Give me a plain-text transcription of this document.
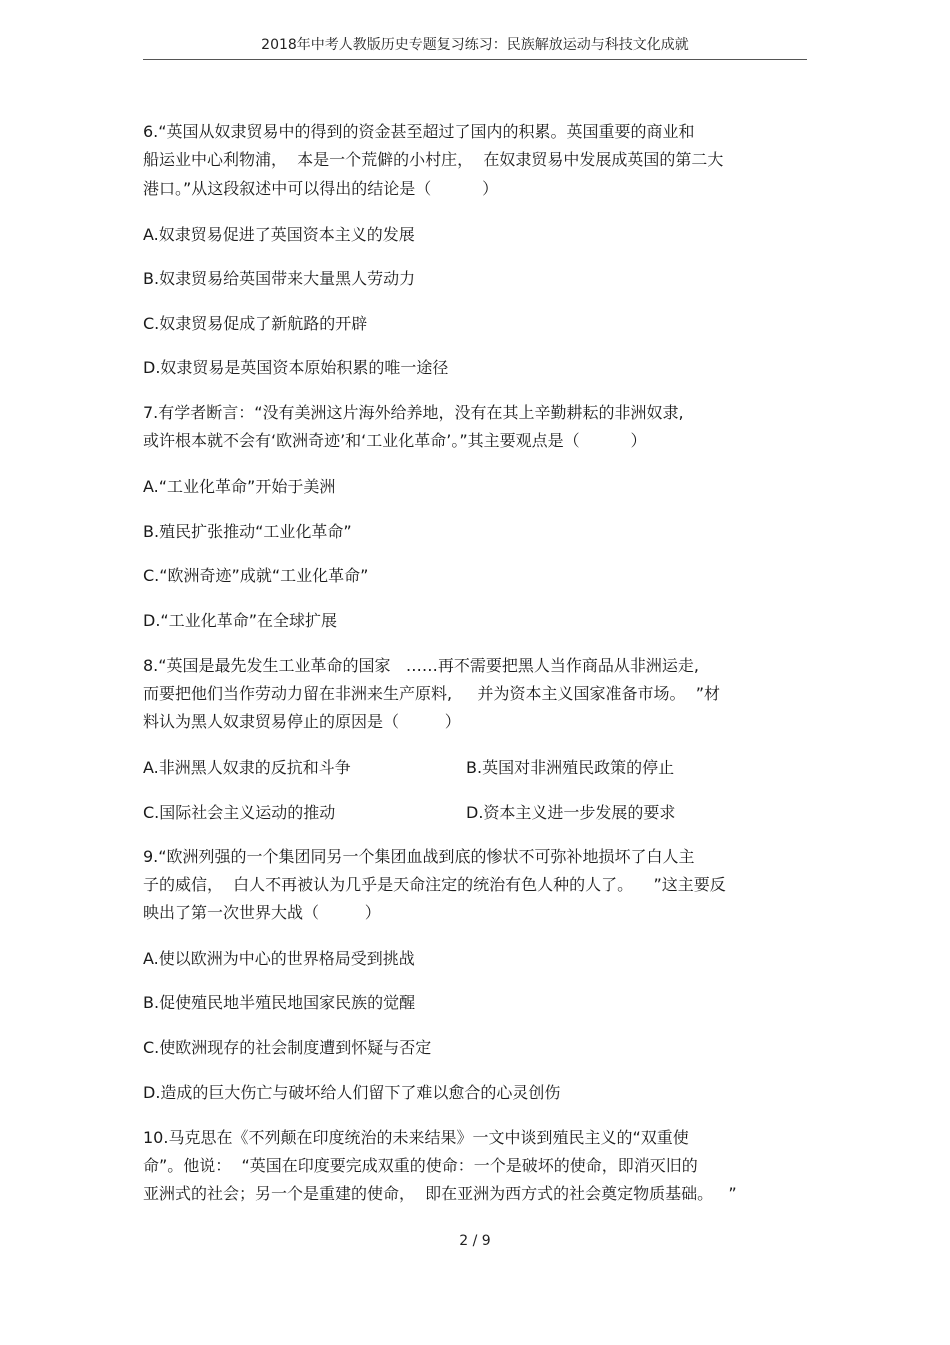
2018年中考人教版历史专题复习练习：民族解放运动与科技文化成就
6.“英国从奴隶贸易中的得到的资金甚至超过了国内的积累。英国重要的商业和
船运业中心利物浦，  本是一个荒僻的小村庄，  在奴隶贸易中发展成英国的第二大
港口。”从这段叙述中可以得出的结论是（          ）
A.奴隶贸易促进了英国资本主义的发展
B.奴隶贸易给英国带来大量黑人劳动力
C.奴隶贸易促成了新航路的开辟
D.奴隶贸易是英国资本原始积累的唯一途径
7.有学者断言：“没有美洲这片海外给养地，没有在其上辛勤耕耘的非洲奴隶,
或许根本就不会有‘欧洲奇迹’和‘工业化革命’。”其主要观点是（          ）
A.“工业化革命”开始于美洲
B.殖民扩张推动“工业化革命”
C.“欧洲奇迹”成就“工业化革命”
D.“工业化革命”在全球扩展
8.“英国是最先发生工业革命的国家   ……再不需要把黑人当作商品从非洲运走,
而要把他们当作劳动力留在非洲来生产原料,     并为资本主义国家准备市场。  ”材
料认为黑人奴隶贸易停止的原因是（         ）
A.非洲黑人奴隶的反抗和斗争	B.英国对非洲殖民政策的停止
C.国际社会主义运动的推动	D.资本主义进一步发展的要求
9.“欧洲列强的一个集团同另一个集团血战到底的惨状不可弥补地损坏了白人主
子的威信，  白人不再被认为几乎是天命注定的统治有色人种的人了。    ”这主要反
映出了第一次世界大战（         ）
A.使以欧洲为中心的世界格局受到挑战
B.促使殖民地半殖民地国家民族的觉醒
C.使欧洲现存的社会制度遭到怀疑与否定
D.造成的巨大伤亡与破坏给人们留下了难以愈合的心灵创伤
10.马克思在《不列颠在印度统治的未来结果》一文中谈到殖民主义的“双重使
命”。他说：  “英国在印度要完成双重的使命：一个是破坏的使命，即消灭旧的
亚洲式的社会；另一个是重建的使命，  即在亚洲为西方式的社会奠定物质基础。   ”
2 / 9
